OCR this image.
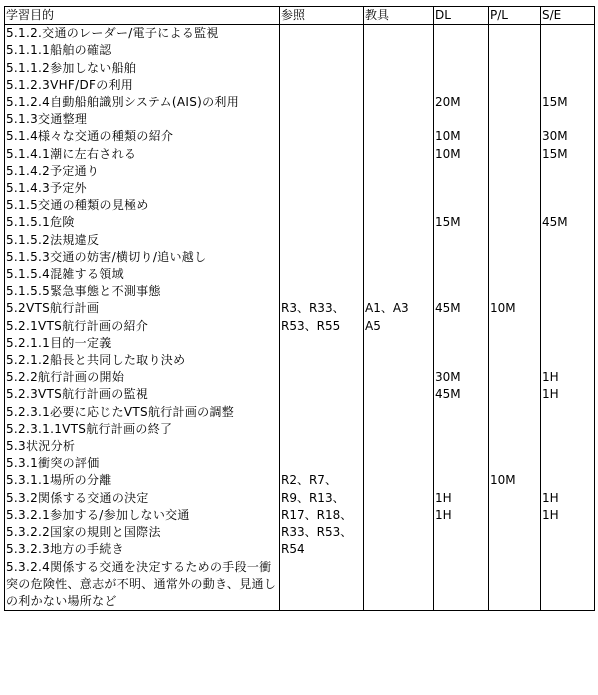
学習目的	参照	教具	DL	P/L	S/E
5.1.2.交通のレーダー/電子による監視					
5.1.1.1船舶の確認					
5.1.1.2参加しない船舶					
5.1.2.3VHF/DFの利用					
5.1.2.4自動船舶識別システム(AIS)の利用			20M		15M
5.1.3交通整理					
5.1.4様々な交通の種類の紹介			10M		30M
5.1.4.1潮に左右される			10M		15M
5.1.4.2予定通り					
5.1.4.3予定外					
5.1.5交通の種類の見極め					
5.1.5.1危険			15M		45M
5.1.5.2法規違反					
5.1.5.3交通の妨害/横切り/追い越し					
5.1.5.4混雑する領域					
5.1.5.5緊急事態と不測事態					
5.2VTS航行計画	R3、R33、	A1、A3	45M	10M	
5.2.1VTS航行計画の紹介	R53、R55	A5			
5.2.1.1目的一定義					
5.2.1.2船長と共同した取り決め					
5.2.2航行計画の開始			30M		1H
5.2.3VTS航行計画の監視			45M		1H
5.2.3.1必要に応じたVTS航行計画の調整					
5.2.3.1.1VTS航行計画の終了					
5.3状況分析					
5.3.1衝突の評価					
5.3.1.1場所の分離	R2、R7、			10M	
5.3.2関係する交通の決定	R9、R13、		1H		1H
5.3.2.1参加する/参加しない交通	R17、R18、		1H		1H
5.3.2.2国家の規則と国際法	R33、R53、				
5.3.2.3地方の手続き	R54				
5.3.2.4関係する交通を決定するための手段一衝突の危険性、意志が不明、通常外の動き、見通しの利かない場所など					
